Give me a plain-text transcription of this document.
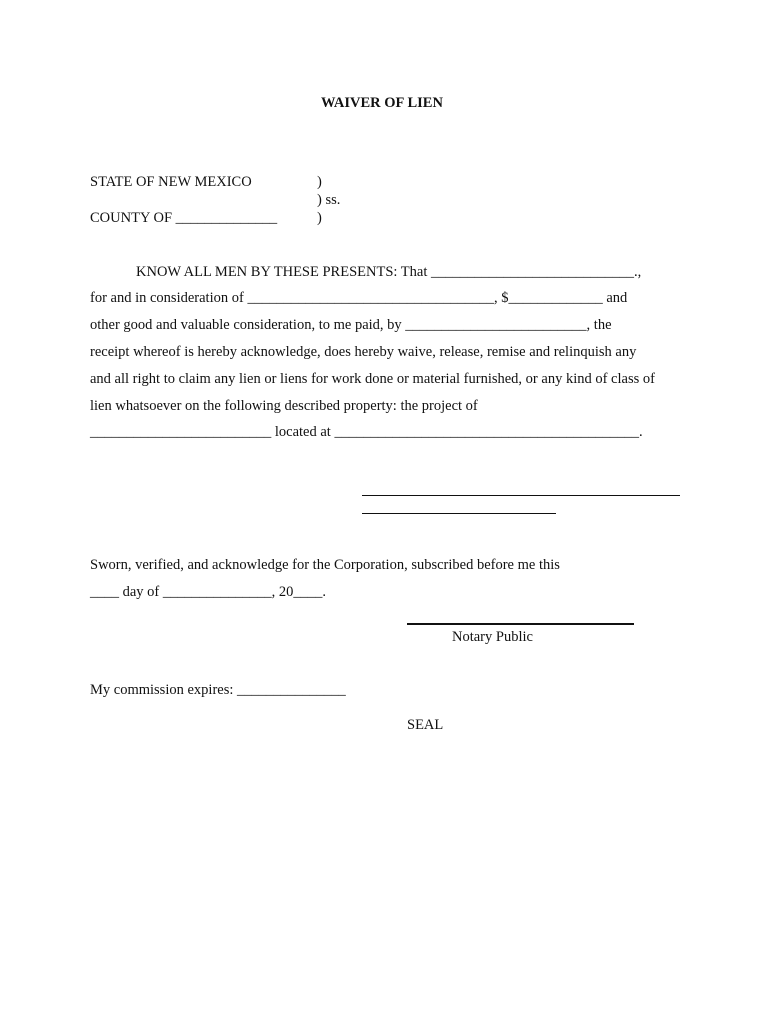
WAIVER OF LIEN
STATE OF NEW MEXICO
COUNTY OF ______________
)
) ss.
)
KNOW ALL MEN BY THESE PRESENTS: That ____________________________.,
for and in consideration of __________________________________, $_____________ and
other good and valuable consideration, to me paid, by _________________________, the
receipt whereof is hereby acknowledge, does hereby waive, release, remise and relinquish any
and all right to claim any lien or liens for work done or material furnished, or any kind of class of
lien whatsoever on the following described property: the project of
_________________________ located at __________________________________________.
Sworn, verified, and acknowledge for the Corporation, subscribed before me this
____ day of _______________, 20____.
Notary Public
My commission expires: _______________
SEAL
